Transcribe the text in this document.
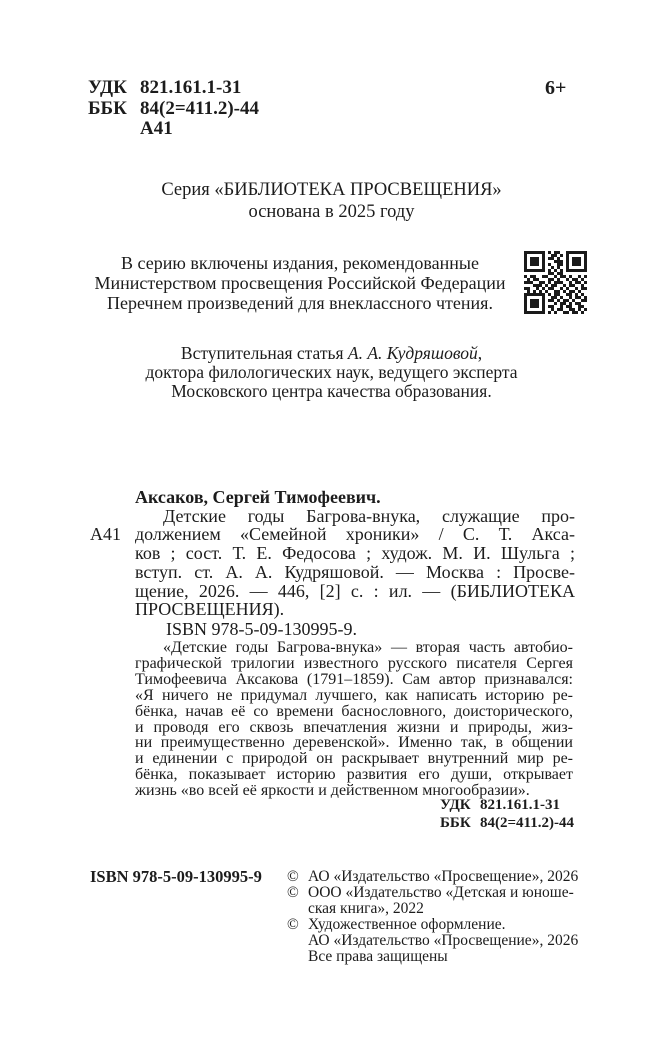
УДК 821.161.1-31
ББК 84(2=411.2)-44
А41
6+
Серия «БИБЛИОТЕКА ПРОСВЕЩЕНИЯ»
основана в 2025 году
В серию включены издания, рекомендованные
Министерством просвещения Российской Федерации
Перечнем произведений для внеклассного чтения.
Вступительная статья А. А. Кудряшовой,
доктора филологических наук, ведущего эксперта
Московского центра качества образования.
Аксаков, Сергей Тимофеевич.
А41
Детские годы Багрова-внука, служащие про-
должением «Семейной хроники» / С. Т. Акса-
ков ; сост. Т. Е. Федосова ; худож. М. И. Шульга ;
вступ. ст. А. А. Кудряшовой. — Москва : Просве-
щение, 2026. — 446, [2] с. : ил. — (БИБЛИОТЕКА
ПРОСВЕЩЕНИЯ).
ISBN 978-5-09-130995-9.
«Детские годы Багрова-внука» — вторая часть автобио-
графической трилогии известного русского писателя Сергея
Тимофеевича Аксакова (1791–1859). Сам автор признавался:
«Я ничего не придумал лучшего, как написать историю ре-
бёнка, начав её со времени баснословного, доисторического,
и проводя его сквозь впечатления жизни и природы, жиз-
ни преимущественно деревенской». Именно так, в общении
и единении с природой он раскрывает внутренний мир ре-
бёнка, показывает историю развития его души, открывает
жизнь «во всей её яркости и действенном многообразии».
УДК 821.161.1-31
ББК 84(2=411.2)-44
ISBN 978-5-09-130995-9 © АО «Издательство «Просвещение», 2026
© ООО «Издательство «Детская и юноше-
ская книга», 2022
© Художественное оформление.
АО «Издательство «Просвещение», 2026
Все права защищены
